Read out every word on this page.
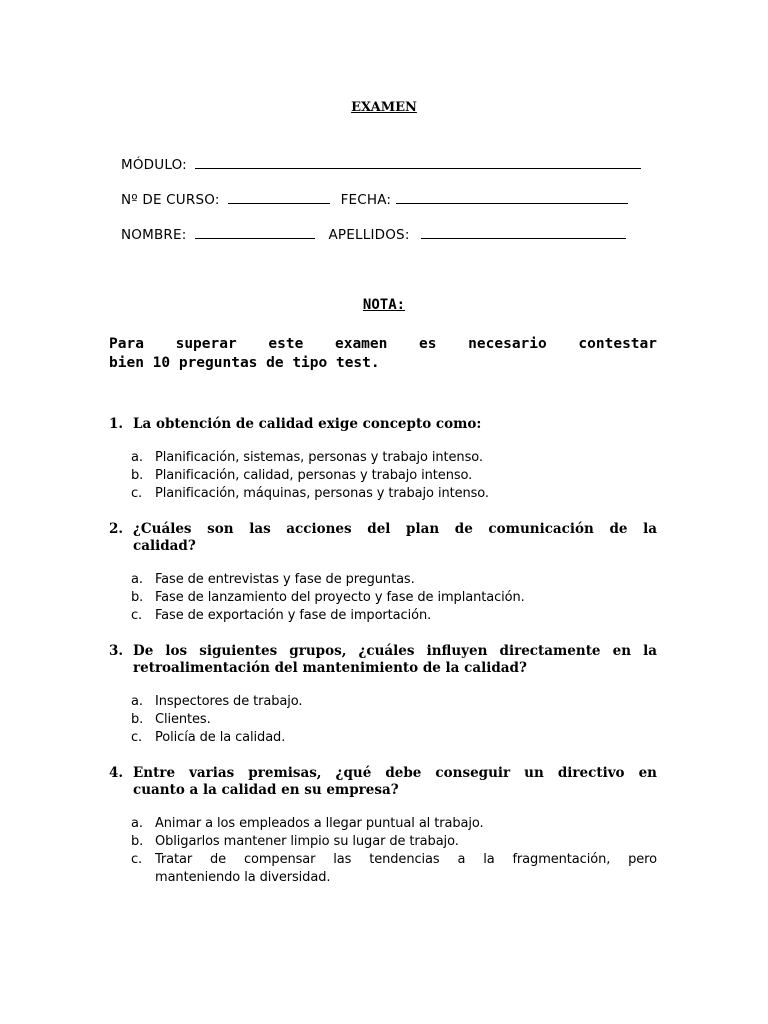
EXAMEN
MÓDULO:
Nº DE CURSO:	FECHA:
NOMBRE:	APELLIDOS:
NOTA:
Para superar este examen es necesario contestar
bien 10 preguntas de tipo test.
1. La obtención de calidad exige concepto como:
a. Planificación, sistemas, personas y trabajo intenso.
b. Planificación, calidad, personas y trabajo intenso.
c. Planificación, máquinas, personas y trabajo intenso.
2. ¿Cuáles son las acciones del plan de comunicación de la
calidad?
a. Fase de entrevistas y fase de preguntas.
b. Fase de lanzamiento del proyecto y fase de implantación.
c. Fase de exportación y fase de importación.
3. De los siguientes grupos, ¿cuáles influyen directamente en la
retroalimentación del mantenimiento de la calidad?
a. Inspectores de trabajo.
b. Clientes.
c. Policía de la calidad.
4. Entre varias premisas, ¿qué debe conseguir un directivo en
cuanto a la calidad en su empresa?
a. Animar a los empleados a llegar puntual al trabajo.
b. Obligarlos mantener limpio su lugar de trabajo.
c. Tratar de compensar las tendencias a la fragmentación, pero
manteniendo la diversidad.
